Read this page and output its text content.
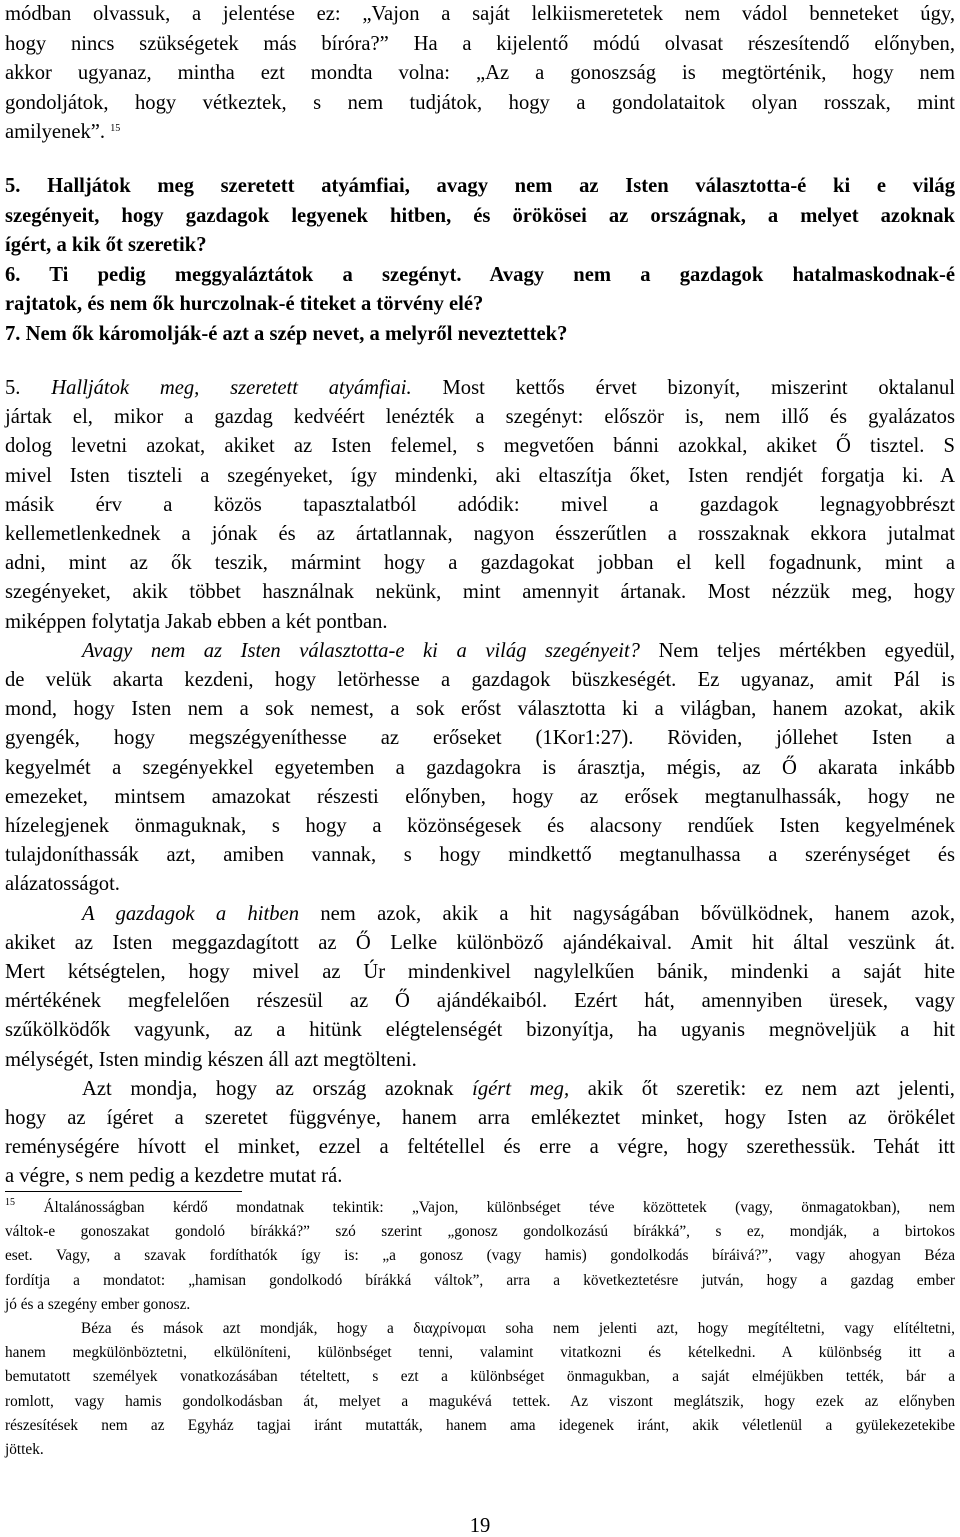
módban olvassuk, a jelentése ez: „Vajon a saját lelkiismeretetek nem vádol benneteket úgy,
hogy nincs szükségetek más bíróra?” Ha a kijelentő módú olvasat részesítendő előnyben,
akkor ugyanaz, mintha ezt mondta volna: „Az a gonoszság is megtörténik, hogy nem
gondoljátok, hogy vétkeztek, s nem tudjátok, hogy a gondolataitok olyan rosszak, mint
amilyenek”. $^{15}$

5. Halljátok meg szeretett atyámfiai, avagy nem az Isten választotta-é ki e világ
szegényeit, hogy gazdagok legyenek hitben, és örökösei az országnak, a melyet azoknak
ígért, a kik őt szeretik?
6. Ti pedig meggyaláztátok a szegényt. Avagy nem a gazdagok hatalmaskodnak-é
rajtatok, és nem ők hurczolnak-é titeket a törvény elé?
7. Nem ők káromolják-é azt a szép nevet, a melyről neveztettek?

5. Halljátok meg, szeretett atyámfiai. Most kettős érvet bizonyít, miszerint oktalanul
jártak el, mikor a gazdag kedvéért lenézték a szegényt: először is, nem illő és gyalázatos
dolog levetni azokat, akiket az Isten felemel, s megvetően bánni azokkal, akiket Ő tisztel. S
mivel Isten tiszteli a szegényeket, így mindenki, aki eltaszítja őket, Isten rendjét forgatja ki. A
másik érv a közös tapasztalatból adódik: mivel a gazdagok legnagyobbrészt
kellemetlenkednek a jónak és az ártatlannak, nagyon ésszerűtlen a rosszaknak ekkora jutalmat
adni, mint az ők teszik, mármint hogy a gazdagokat jobban el kell fogadnunk, mint a
szegényeket, akik többet használnak nekünk, mint amennyit ártanak. Most nézzük meg, hogy
miképpen folytatja Jakab ebben a két pontban.

Avagy nem az Isten választotta-e ki a világ szegényeit? Nem teljes mértékben egyedül,
de velük akarta kezdeni, hogy letörhesse a gazdagok büszkeségét. Ez ugyanaz, amit Pál is
mond, hogy Isten nem a sok nemest, a sok erőst választotta ki a világban, hanem azokat, akik
gyengék, hogy megszégyeníthesse az erőseket (1Kor1:27). Röviden, jóllehet Isten a
kegyelmét a szegényekkel egyetemben a gazdagokra is árasztja, mégis, az Ő akarata inkább
emezeket, mintsem amazokat részesti előnyben, hogy az erősek megtanulhassák, hogy ne
hízelegjenek önmaguknak, s hogy a közönségesek és alacsony rendűek Isten kegyelmének
tulajdoníthassák azt, amiben vannak, s hogy mindkettő megtanulhassa a szerénységet és
alázatosságot.

A gazdagok a hitben nem azok, akik a hit nagyságában bővülködnek, hanem azok,
akiket az Isten meggazdagított az Ő Lelke különböző ajándékaival. Amit hit által veszünk át.
Mert kétségtelen, hogy mivel az Úr mindenkivel nagylelkűen bánik, mindenki a saját hite
mértékének megfelelően részesül az Ő ajándékaiból. Ezért hát, amennyiben üresek, vagy
szűkölködők vagyunk, az a hitünk elégtelenségét bizonyítja, ha ugyanis megnöveljük a hit
mélységét, Isten mindig készen áll azt megtölteni.

Azt mondja, hogy az ország azoknak ígért meg, akik őt szeretik: ez nem azt jelenti,
hogy az ígéret a szeretet függvénye, hanem arra emlékeztet minket, hogy Isten az örökélet
reménységére hívott el minket, ezzel a feltétellel és erre a végre, hogy szerethessük. Tehát itt
a végre, s nem pedig a kezdetre mutat rá.

$^{15}$ Általánosságban kérdő mondatnak tekintik: „Vajon, különbséget téve közöttetek (vagy, önmagatokban), nem
váltok-e gonoszakat gondoló bírákká?” szó szerint „gonosz gondolkozású bírákká”, s ez, mondják, a birtokos
eset. Vagy, a szavak fordíthatók így is: „a gonosz (vagy hamis) gondolkodás bíráivá?”, vagy ahogyan Béza
fordítja a mondatot: „hamisan gondolkodó bírákká váltok”, arra a következtetésre jutván, hogy a gazdag ember
jó és a szegény ember gonosz.

Béza és mások azt mondják, hogy a διαχρίνομαι soha nem jelenti azt, hogy megítéltetni, vagy elítéltetni,
hanem megkülönböztetni, elkülöníteni, különbséget tenni, valamint vitatkozni és kételkedni. A különbség itt a
bemutatott személyek vonatkozásában tételtett, s ezt a különbséget önmagukban, a saját elméjükben tették, bár a
romlott, vagy hamis gondolkodásban át, melyet a magukévá tettek. Az viszont meglátszik, hogy ezek az előnyben
részesítések nem az Egyház tagjai iránt mutatták, hanem ama idegenek iránt, akik véletlenül a gyülekezetekibe
jöttek.

19
